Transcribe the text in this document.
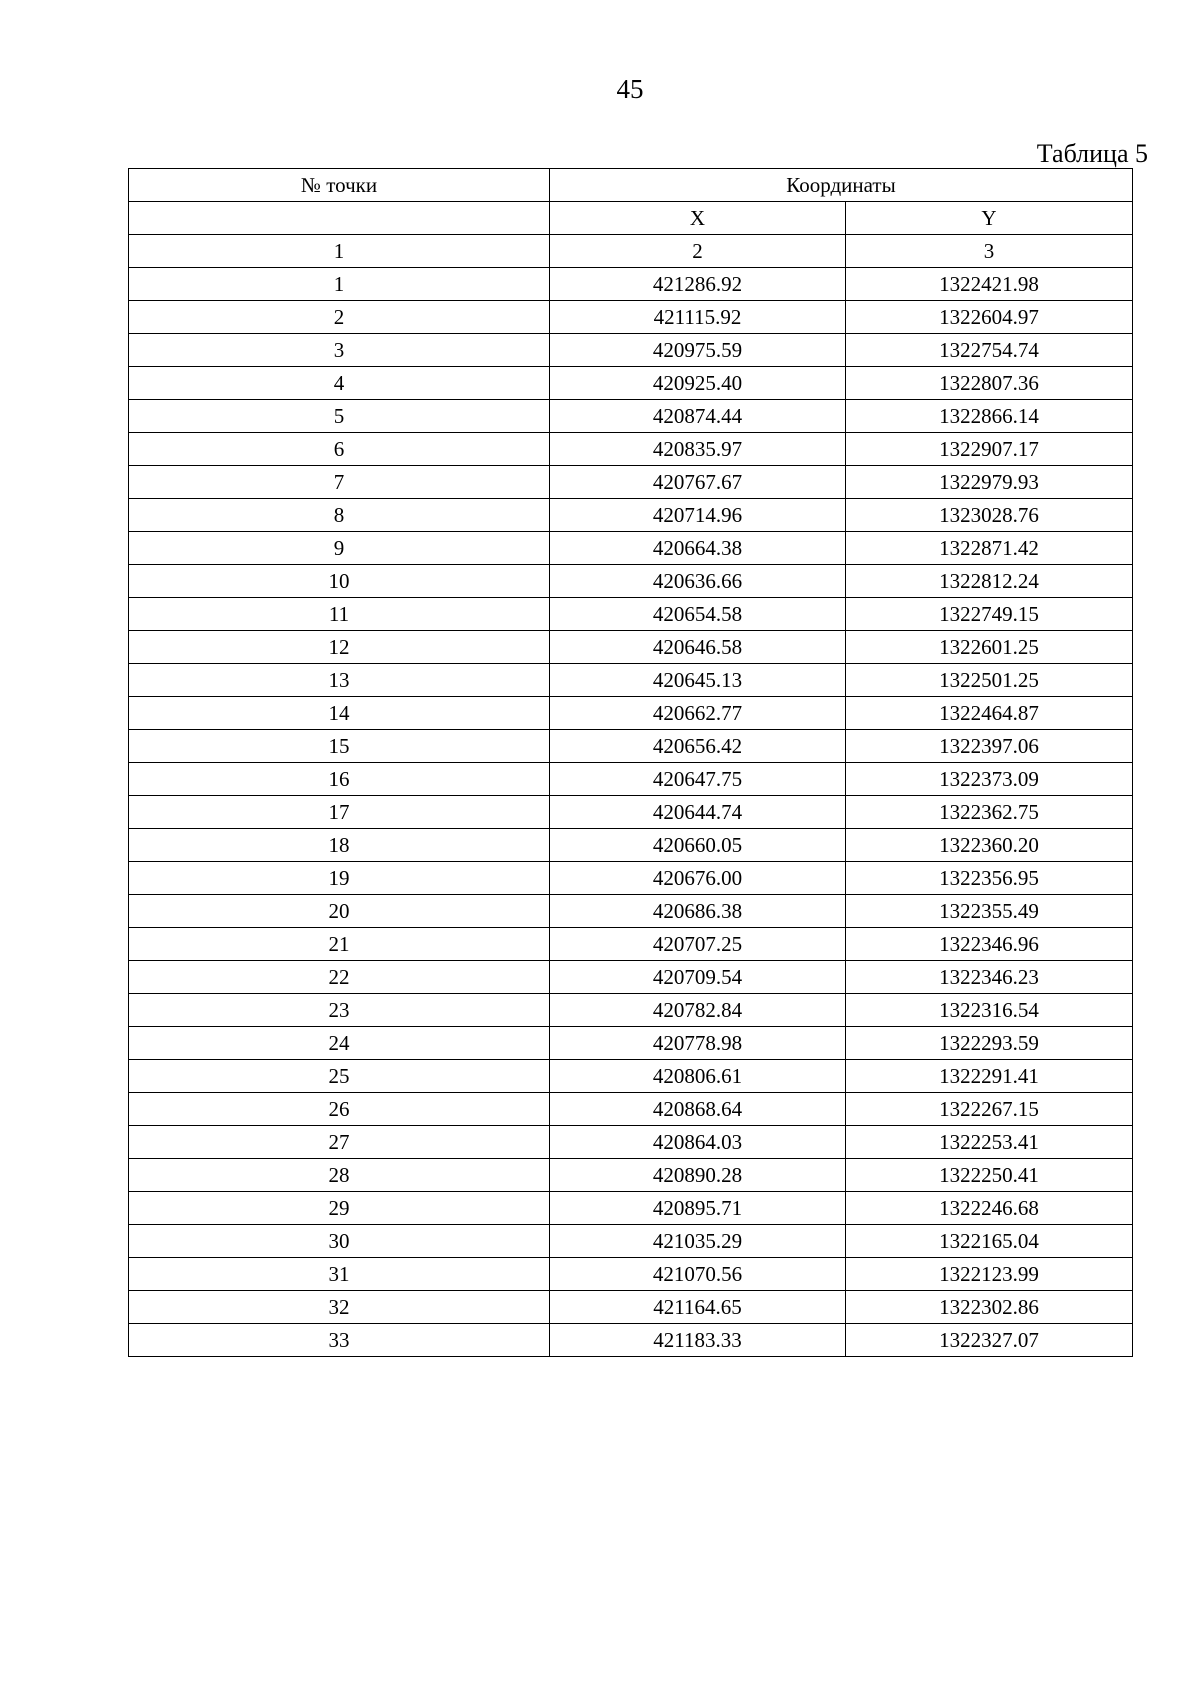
45
Таблица 5
№ точки	Координаты	
	X	Y
1	2	3
1	421286.92	1322421.98
2	421115.92	1322604.97
3	420975.59	1322754.74
4	420925.40	1322807.36
5	420874.44	1322866.14
6	420835.97	1322907.17
7	420767.67	1322979.93
8	420714.96	1323028.76
9	420664.38	1322871.42
10	420636.66	1322812.24
11	420654.58	1322749.15
12	420646.58	1322601.25
13	420645.13	1322501.25
14	420662.77	1322464.87
15	420656.42	1322397.06
16	420647.75	1322373.09
17	420644.74	1322362.75
18	420660.05	1322360.20
19	420676.00	1322356.95
20	420686.38	1322355.49
21	420707.25	1322346.96
22	420709.54	1322346.23
23	420782.84	1322316.54
24	420778.98	1322293.59
25	420806.61	1322291.41
26	420868.64	1322267.15
27	420864.03	1322253.41
28	420890.28	1322250.41
29	420895.71	1322246.68
30	421035.29	1322165.04
31	421070.56	1322123.99
32	421164.65	1322302.86
33	421183.33	1322327.07
